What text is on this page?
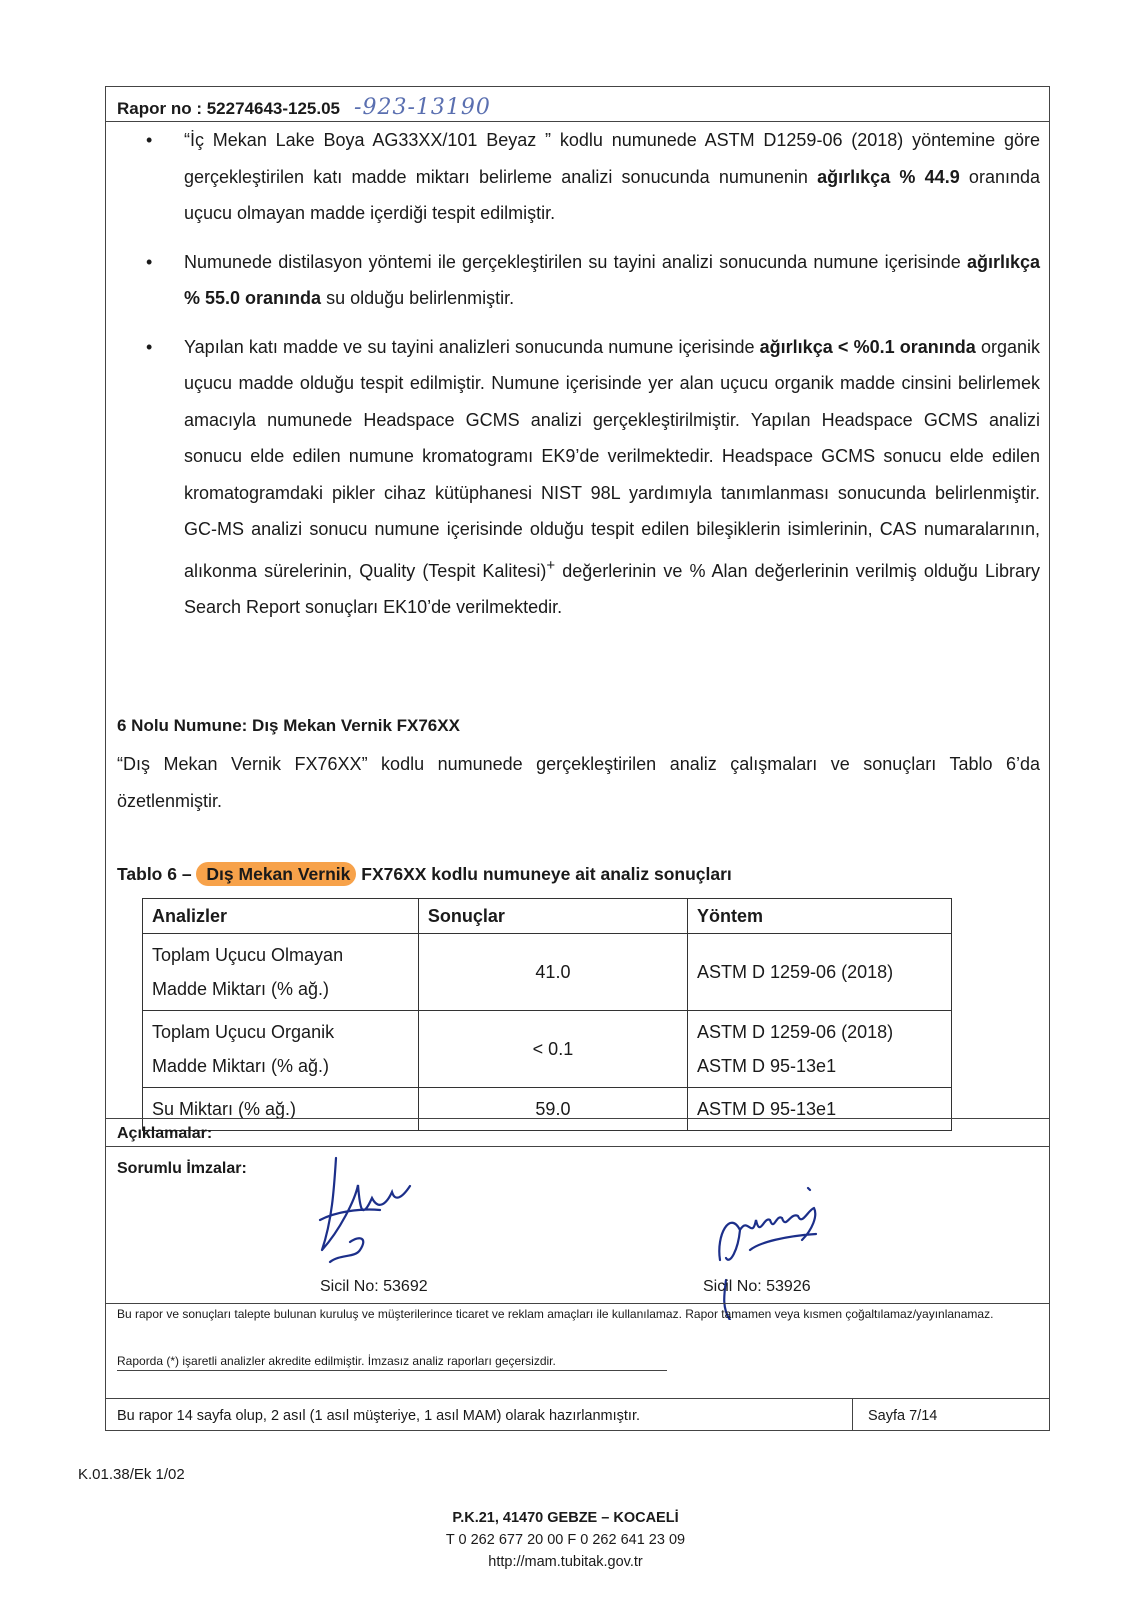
Rapor no : 52274643-125.05 -923-13190
• “İç Mekan Lake Boya AG33XX/101 Beyaz ” kodlu numunede ASTM D1259-06 (2018) yöntemine göre gerçekleştirilen katı madde miktarı belirleme analizi sonucunda numunenin ağırlıkça % 44.9 oranında uçucu olmayan madde içerdiği tespit edilmiştir.
• Numunede distilasyon yöntemi ile gerçekleştirilen su tayini analizi sonucunda numune içerisinde ağırlıkça % 55.0 oranında su olduğu belirlenmiştir.
• Yapılan katı madde ve su tayini analizleri sonucunda numune içerisinde ağırlıkça < %0.1 oranında organik uçucu madde olduğu tespit edilmiştir. Numune içerisinde yer alan uçucu organik madde cinsini belirlemek amacıyla numunede Headspace GCMS analizi gerçekleştirilmiştir. Yapılan Headspace GCMS analizi sonucu elde edilen numune kromatogramı EK9’de verilmektedir. Headspace GCMS sonucu elde edilen kromatogramdaki pikler cihaz kütüphanesi NIST 98L yardımıyla tanımlanması sonucunda belirlenmiştir. GC-MS analizi sonucu numune içerisinde olduğu tespit edilen bileşiklerin isimlerinin, CAS numaralarının, alıkonma sürelerinin, Quality (Tespit Kalitesi)+ değerlerinin ve % Alan değerlerinin verilmiş olduğu Library Search Report sonuçları EK10’de verilmektedir.
6 Nolu Numune: Dış Mekan Vernik FX76XX
“Dış Mekan Vernik FX76XX” kodlu numunede gerçekleştirilen analiz çalışmaları ve sonuçları Tablo 6’da özetlenmiştir.
Tablo 6 – Dış Mekan Vernik FX76XX kodlu numuneye ait analiz sonuçları
Analizler	Sonuçlar	Yöntem
Toplam Uçucu Olmayan
Madde Miktarı (% ağ.)	41.0	ASTM D 1259-06 (2018)
Toplam Uçucu Organik
Madde Miktarı (% ağ.)	< 0.1	ASTM D 1259-06 (2018)
ASTM D 95-13e1
Su Miktarı (% ağ.)	59.0	ASTM D 95-13e1
Açıklamalar:
Sorumlu İmzalar:
Sicil No: 53692	Sicil No: 53926
Bu rapor ve sonuçları talepte bulunan kuruluş ve müşterilerince ticaret ve reklam amaçları ile kullanılamaz. Rapor tamamen veya kısmen çoğaltılamaz/yayınlanamaz.
Raporda (*) işaretli analizler akredite edilmiştir. İmzasız analiz raporları geçersizdir.
Bu rapor 14 sayfa olup, 2 asıl (1 asıl müşteriye, 1 asıl MAM) olarak hazırlanmıştır.	Sayfa 7/14
K.01.38/Ek 1/02
P.K.21, 41470 GEBZE – KOCAELİ
T 0 262 677 20 00 F 0 262 641 23 09
http://mam.tubitak.gov.tr
